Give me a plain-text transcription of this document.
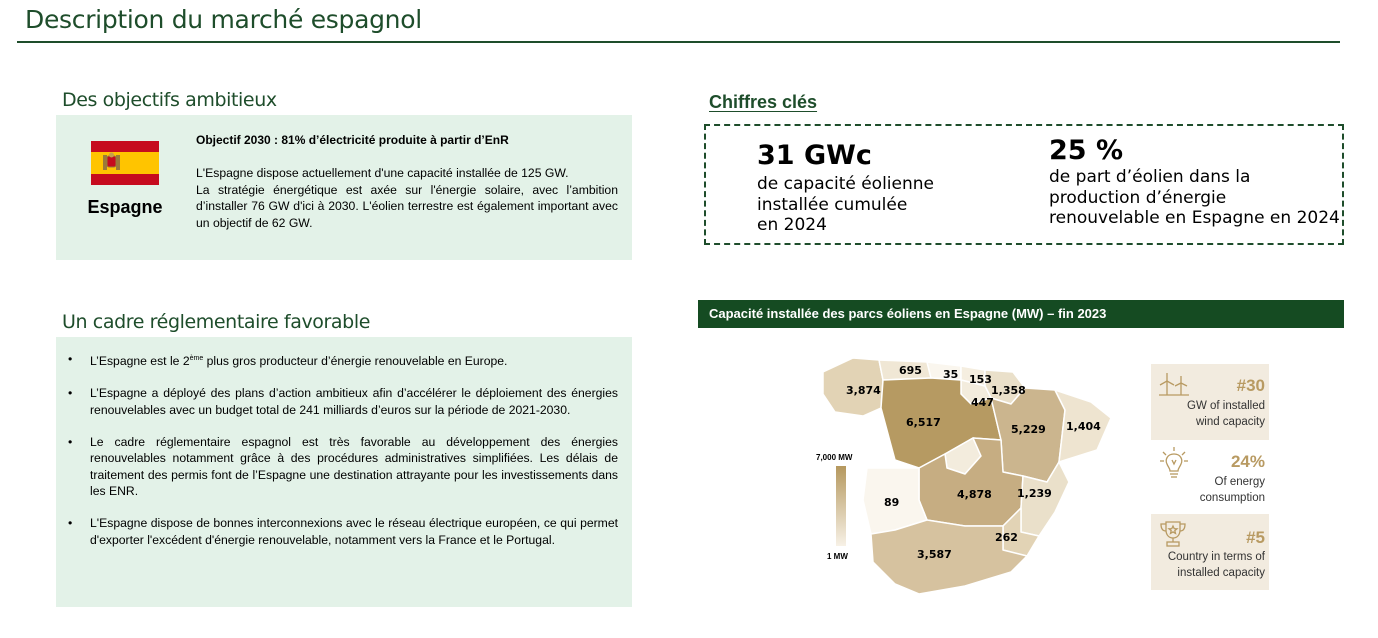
Description du marché espagnol
Des objectifs ambitieux
Espagne
Objectif 2030 : 81% d’électricité produite à partir d’EnR

L'Espagne dispose actuellement d'une capacité installée de 125 GW.

La stratégie énergétique est axée sur l'énergie solaire, avec l’ambition d’installer 76 GW d'ici à 2030. L'éolien terrestre est également important avec un objectif de 62 GW.

Un cadre réglementaire favorable
• L’Espagne est le 2ème plus gros producteur d’énergie renouvelable en Europe.
• L’Espagne a déployé des plans d’action ambitieux afin d’accélérer le déploiement des énergies renouvelables avec un budget total de 241 milliards d’euros sur la période de 2021-2030.
• Le cadre réglementaire espagnol est très favorable au développement des énergies renouvelables notamment grâce à des procédures administratives simplifiées. Les délais de traitement des permis font de l’Espagne une destination attrayante pour les investissements dans les ENR.
• L'Espagne dispose de bonnes interconnexions avec le réseau électrique européen, ce qui permet d'exporter l'excédent d'énergie renouvelable, notamment vers la France et le Portugal.
Chiffres clés
31 GWc
de capacité éolienne
installée cumulée
en 2024
25 %
de part d’éolien dans la
production d’énergie
renouvelable en Espagne en 2024
Capacité installée des parcs éoliens en Espagne (MW) – fin 2023
3,874
695 35 153
1,358
447
6,517
5,229 1,404
4,878 1,239
89
262
3,587
7,000 MW
1 MW
#30
GW of installed
wind capacity
24%
Of energy
consumption
#5
Country in terms of
installed capacity
